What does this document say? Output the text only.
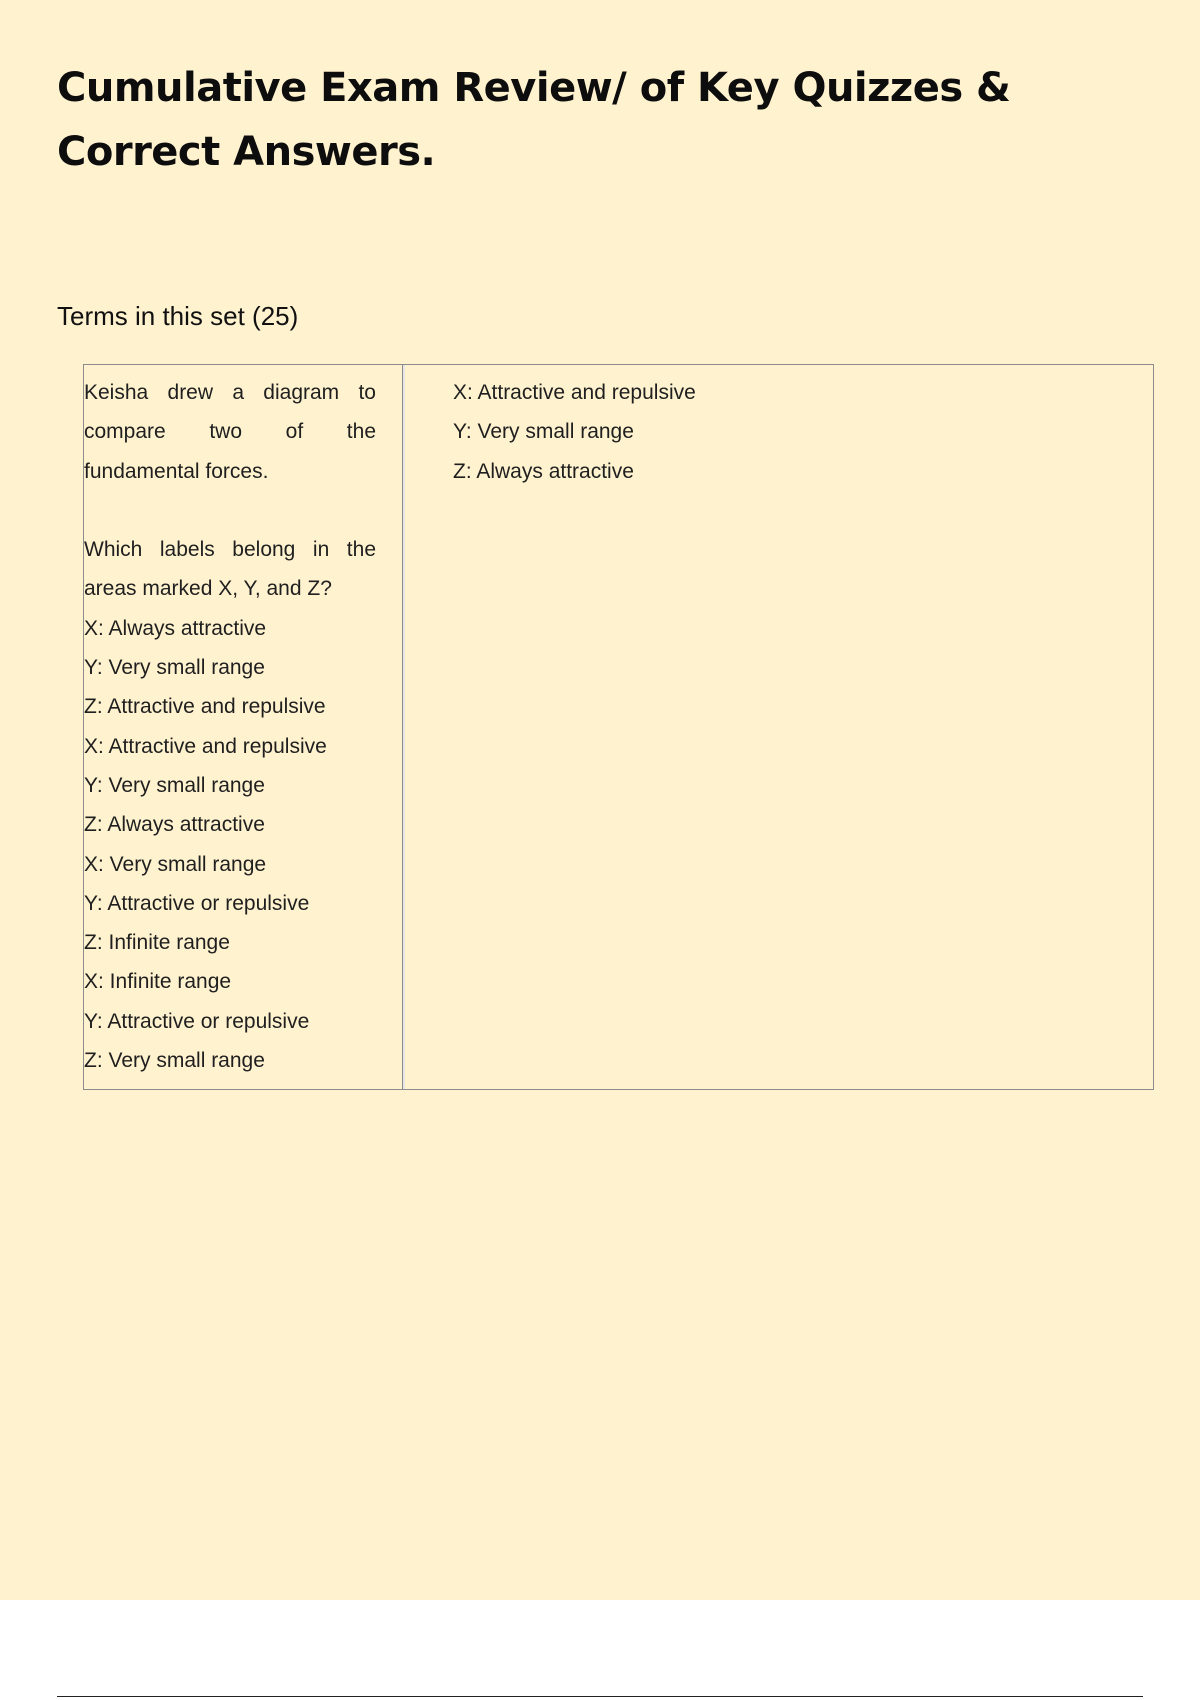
Cumulative Exam Review/ of Key Quizzes & Correct Answers.
Terms in this set (25)

Keisha drew a diagram to compare two of the fundamental forces.

Which labels belong in the areas marked X, Y, and Z?

X: Always attractive
Y: Very small range
Z: Attractive and repulsive
X: Attractive and repulsive
Y: Very small range
Z: Always attractive
X: Very small range
Y: Attractive or repulsive
Z: Infinite range
X: Infinite range
Y: Attractive or repulsive
Z: Very small range
X: Attractive and repulsive
Y: Very small range
Z: Always attractive
